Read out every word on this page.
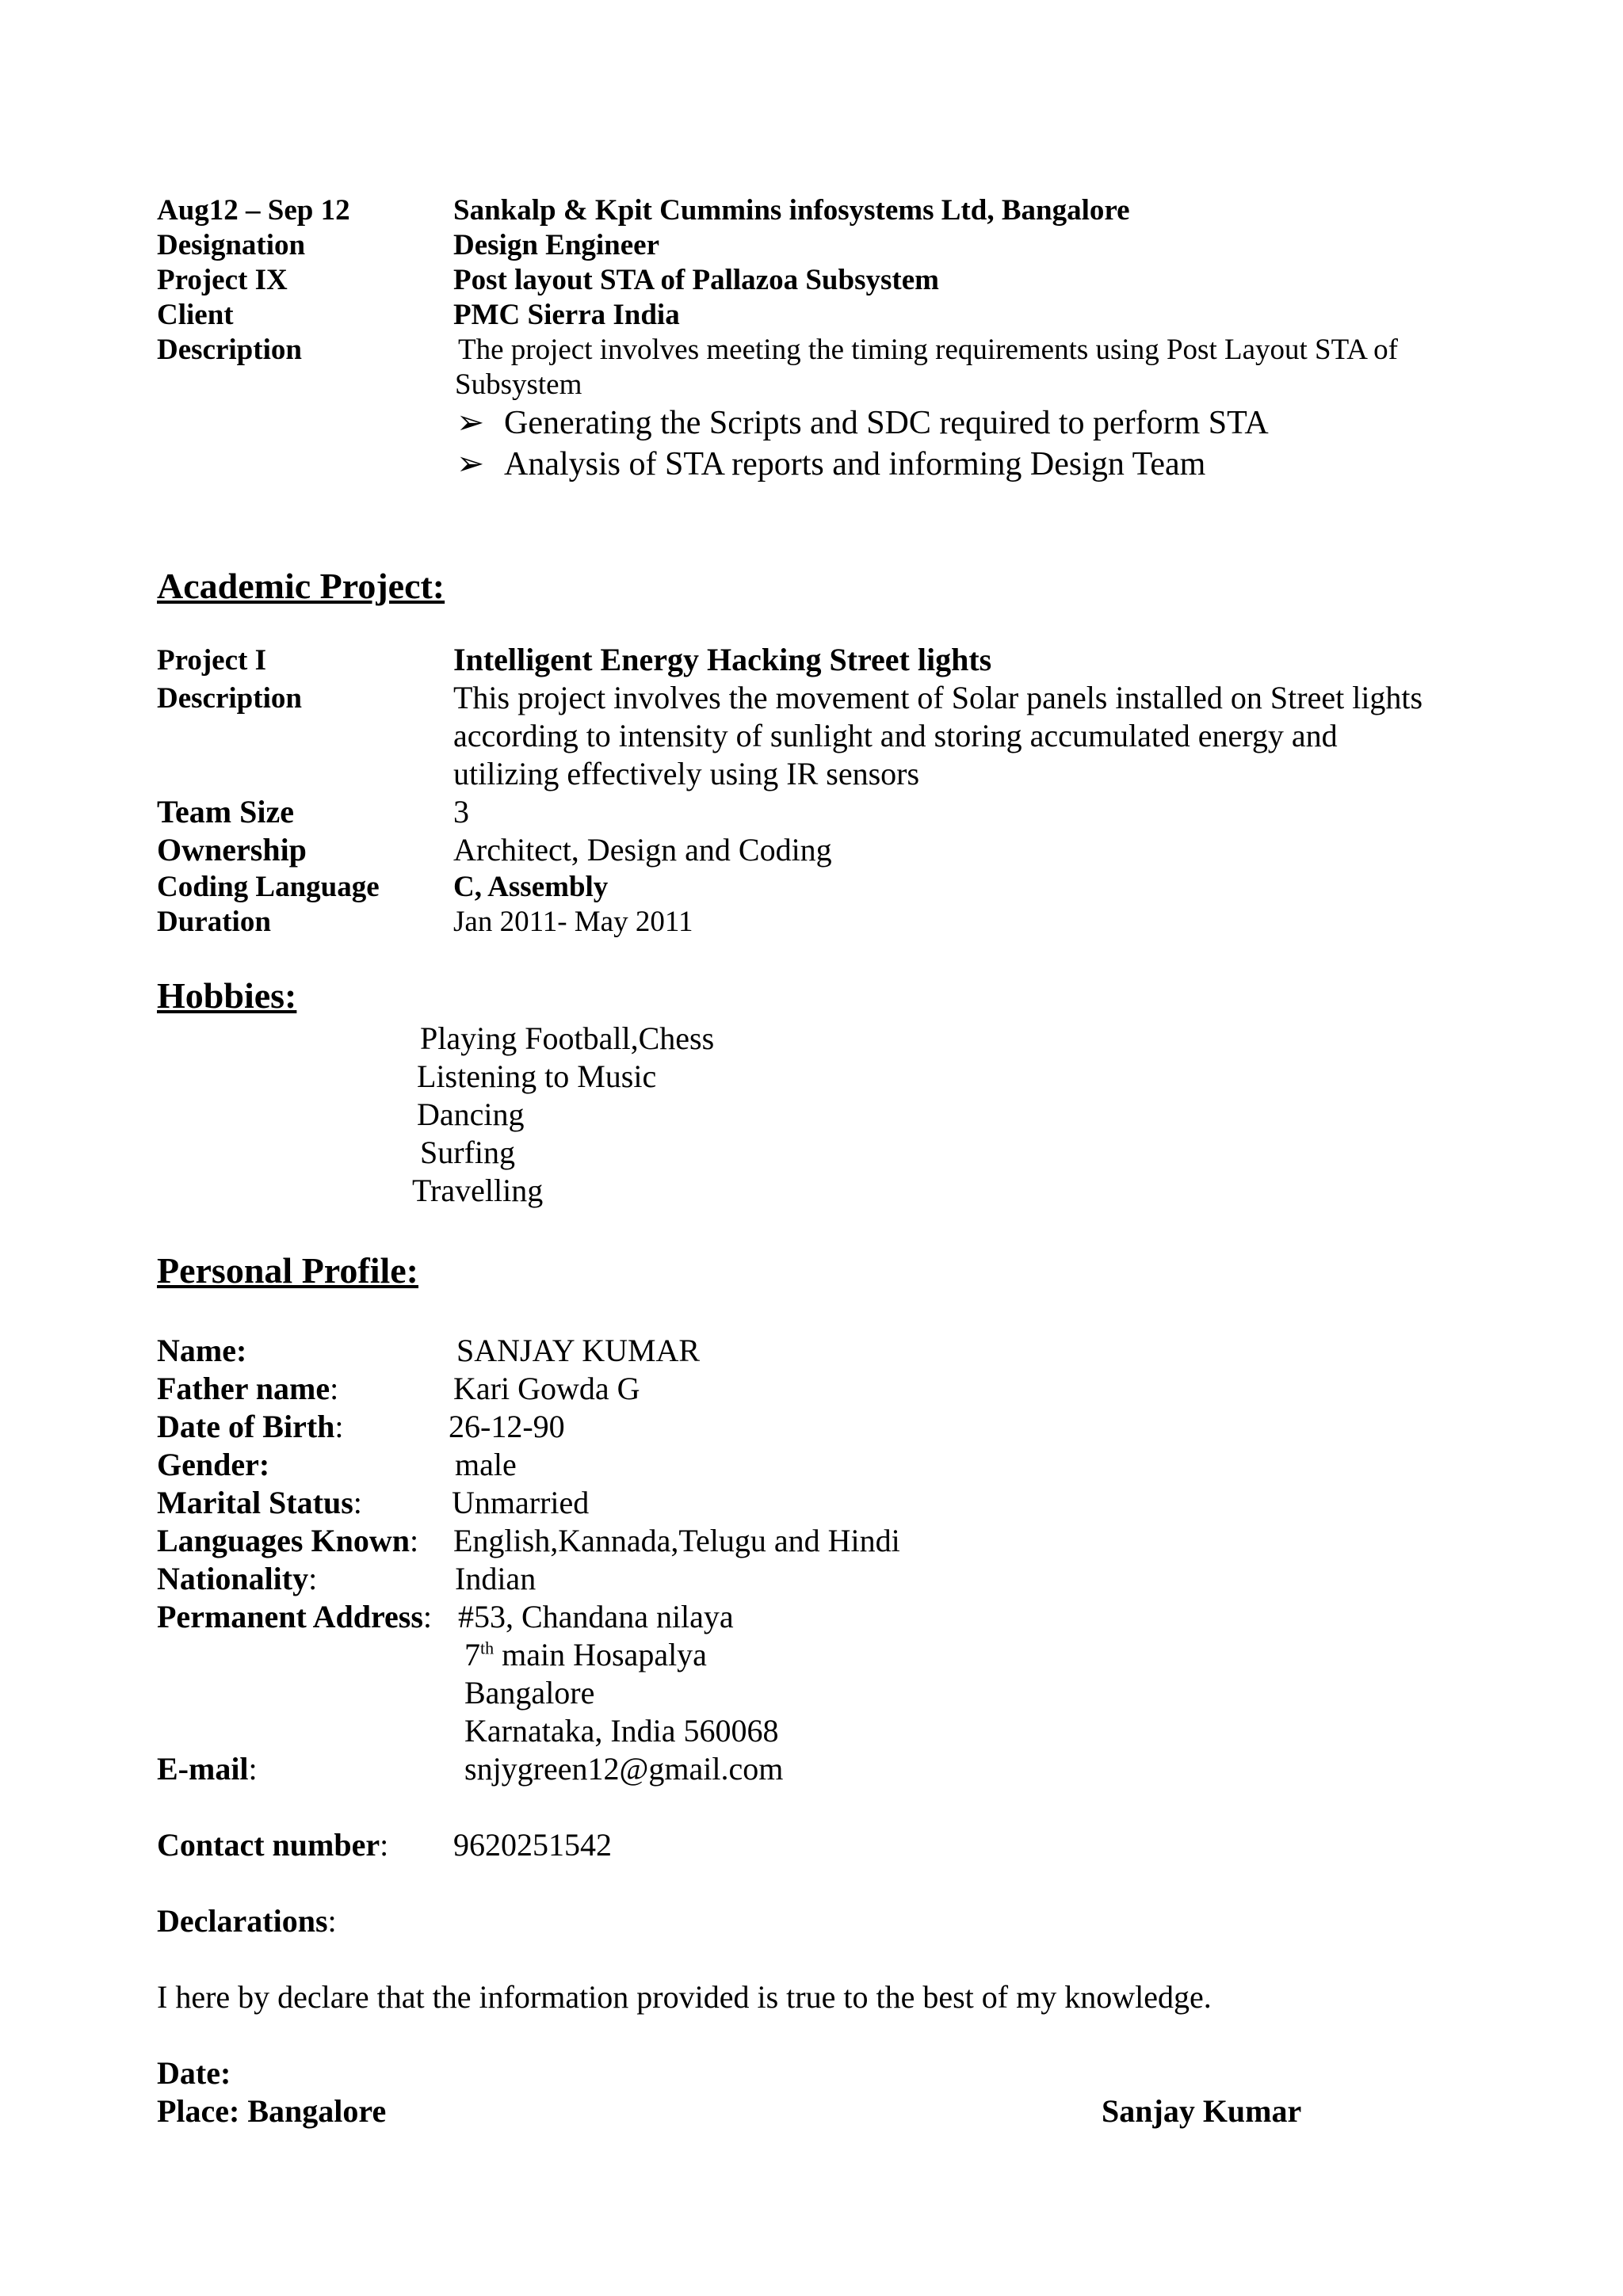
Aug12 – Sep 12	Sankalp & Kpit Cummins infosystems Ltd, Bangalore
Designation	Design Engineer
Project IX	Post layout STA of Pallazoa Subsystem
Client	PMC Sierra India
Description	The project involves meeting the timing requirements using Post Layout STA of
Subsystem
➢ Generating the Scripts and SDC required to perform STA
➢ Analysis of STA reports and informing Design Team
Academic Project:
Project I	Intelligent Energy Hacking Street lights
Description	This project involves the movement of Solar panels installed on Street lights
according to intensity of sunlight and storing accumulated energy and
utilizing effectively using IR sensors
Team Size	3
Ownership	Architect, Design and Coding
Coding Language	C, Assembly
Duration	Jan 2011- May 2011
Hobbies:
Playing Football,Chess
Listening to Music
Dancing
Surfing
Travelling
Personal Profile:
Name:	SANJAY KUMAR
Father name:	Kari Gowda G
Date of Birth:	26-12-90
Gender:	male
Marital Status:	Unmarried
Languages Known: English,Kannada,Telugu and Hindi
Nationality:	Indian
Permanent Address: #53, Chandana nilaya
7th main Hosapalya
Bangalore
Karnataka, India 560068
E-mail:	snjygreen12@gmail.com
Contact number: 9620251542
Declarations:
I here by declare that the information provided is true to the best of my knowledge.
Date:
Place: Bangalore	Sanjay Kumar
